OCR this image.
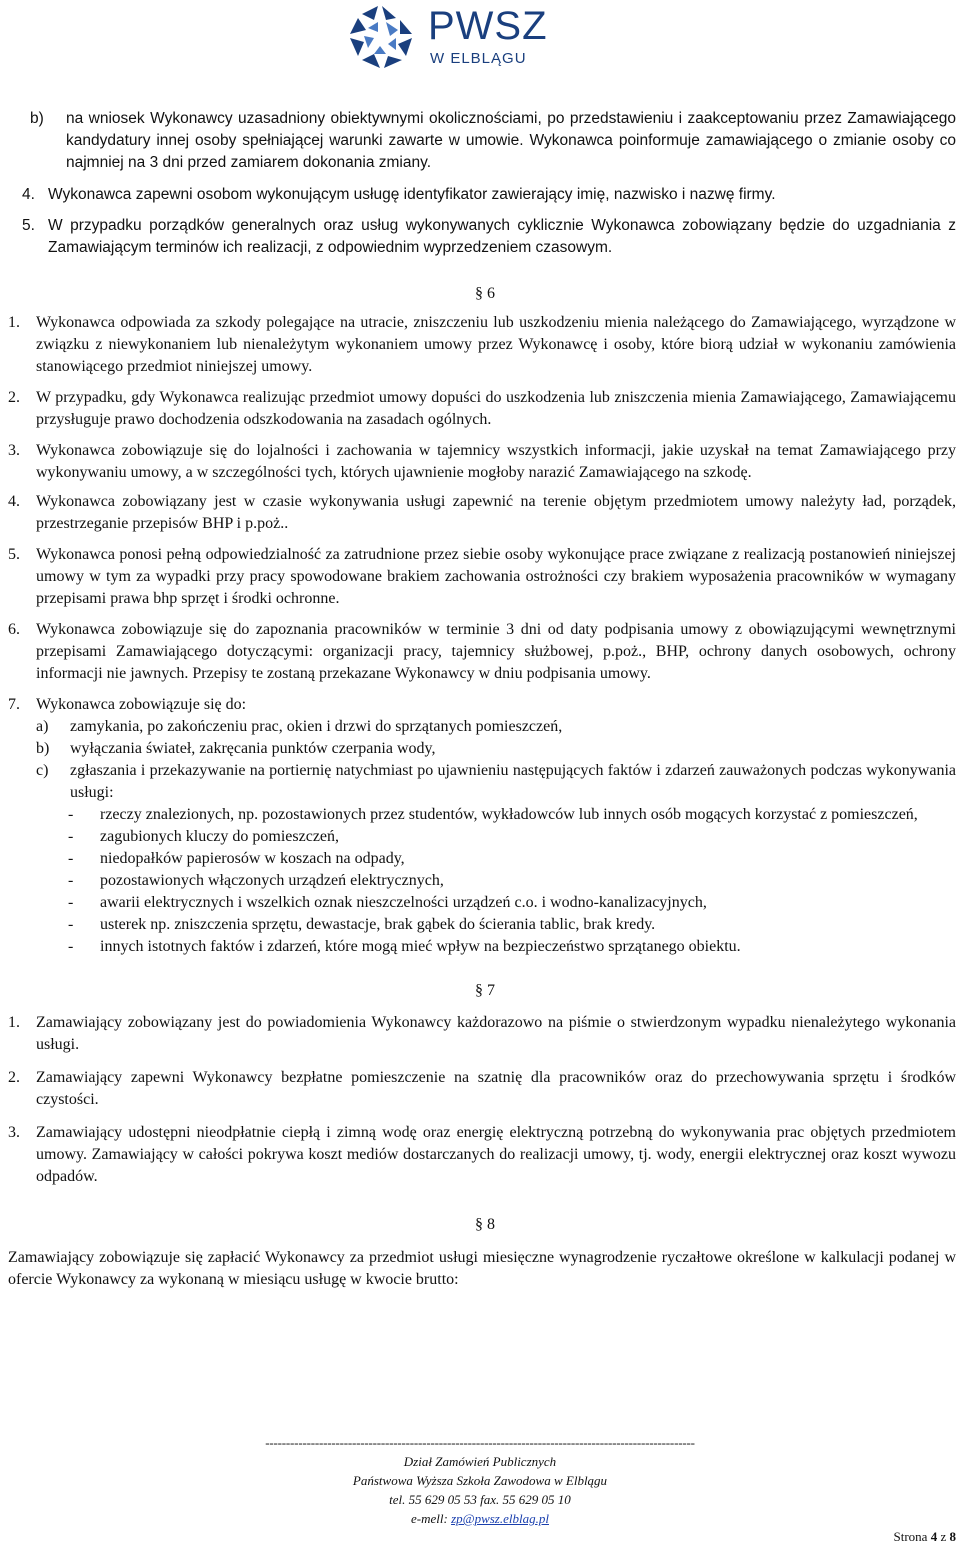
PWSZ
W ELBLĄGU
b)	na wniosek Wykonawcy uzasadniony obiektywnymi okolicznościami, po przedstawieniu i zaakceptowaniu przez Zamawiającego kandydatury innej osoby spełniającej warunki zawarte w umowie. Wykonawca poinformuje zamawiającego o zmianie osoby co najmniej na 3 dni przed zamiarem dokonania zmiany.
4. Wykonawca zapewni osobom wykonującym usługę identyfikator zawierający imię, nazwisko i nazwę firmy.
5. W przypadku porządków generalnych oraz usług wykonywanych cyklicznie Wykonawca zobowiązany będzie do uzgadniania z Zamawiającym terminów ich realizacji, z odpowiednim wyprzedzeniem czasowym.
§ 6
1.	Wykonawca odpowiada za szkody polegające na utracie, zniszczeniu lub uszkodzeniu mienia należącego do Zamawiającego, wyrządzone w związku z niewykonaniem lub nienależytym wykonaniem umowy przez Wykonawcę i osoby, które biorą udział w wykonaniu zamówienia stanowiącego przedmiot niniejszej umowy.
2.	W przypadku, gdy Wykonawca realizując przedmiot umowy dopuści do uszkodzenia lub zniszczenia mienia Zamawiającego, Zamawiającemu przysługuje prawo dochodzenia odszkodowania na zasadach ogólnych.
3.	Wykonawca zobowiązuje się do lojalności i zachowania w tajemnicy wszystkich informacji, jakie uzyskał na temat Zamawiającego przy wykonywaniu umowy, a w szczególności tych, których ujawnienie mogłoby narazić Zamawiającego na szkodę.
4.	Wykonawca zobowiązany jest w czasie wykonywania usługi zapewnić na terenie objętym przedmiotem umowy należyty ład, porządek, przestrzeganie przepisów BHP i p.poż..
5.	Wykonawca ponosi pełną odpowiedzialność za zatrudnione przez siebie osoby wykonujące prace związane z realizacją postanowień niniejszej umowy w tym za wypadki przy pracy spowodowane brakiem zachowania ostrożności czy brakiem wyposażenia pracowników w wymagany przepisami prawa bhp sprzęt i środki ochronne.
6.	Wykonawca zobowiązuje się do zapoznania pracowników w terminie 3 dni od daty podpisania umowy z obowiązującymi wewnętrznymi przepisami Zamawiającego dotyczącymi: organizacji pracy, tajemnicy służbowej, p.poż., BHP, ochrony danych osobowych, ochrony informacji nie jawnych. Przepisy te zostaną przekazane Wykonawcy w dniu podpisania umowy.
7.	Wykonawca zobowiązuje się do:
a)	zamykania, po zakończeniu prac, okien i drzwi do sprzątanych pomieszczeń,
b)	wyłączania świateł, zakręcania punktów czerpania wody,
c)	zgłaszania i przekazywanie na portiernię natychmiast po ujawnieniu następujących faktów i zdarzeń zauważonych podczas wykonywania usługi:
-	rzeczy znalezionych, np. pozostawionych przez studentów, wykładowców lub innych osób mogących korzystać z pomieszczeń,
-	zagubionych kluczy do pomieszczeń,
-	niedopałków papierosów w koszach na odpady,
-	pozostawionych włączonych urządzeń elektrycznych,
-	awarii elektrycznych i wszelkich oznak nieszczelności urządzeń c.o. i wodno-kanalizacyjnych,
-	usterek np. zniszczenia sprzętu, dewastacje, brak gąbek do ścierania tablic, brak kredy.
-	innych istotnych faktów i zdarzeń, które mogą mieć wpływ na bezpieczeństwo sprzątanego obiektu.
§ 7
1.	Zamawiający zobowiązany jest do powiadomienia Wykonawcy każdorazowo na piśmie o stwierdzonym wypadku nienależytego wykonania usługi.
2.	Zamawiający zapewni Wykonawcy bezpłatne pomieszczenie na szatnię dla pracowników oraz do przechowywania sprzętu i środków czystości.
3.	Zamawiający udostępni nieodpłatnie ciepłą i zimną wodę oraz energię elektryczną potrzebną do wykonywania prac objętych przedmiotem umowy. Zamawiający w całości pokrywa koszt mediów dostarczanych do realizacji umowy, tj. wody, energii elektrycznej oraz koszt wywozu odpadów.
§ 8
Zamawiający zobowiązuje się zapłacić Wykonawcy za przedmiot usługi miesięczne wynagrodzenie ryczałtowe określone w kalkulacji podanej w ofercie Wykonawcy za wykonaną w miesiącu usługę w kwocie brutto:
--------------------------------------------------------------------------------------------------------
Dział Zamówień Publicznych
Państwowa Wyższa Szkoła Zawodowa w Elblągu
tel. 55 629 05 53 fax. 55 629 05 10
e-mell: zp@pwsz.elblag.pl
Strona 4 z 8
